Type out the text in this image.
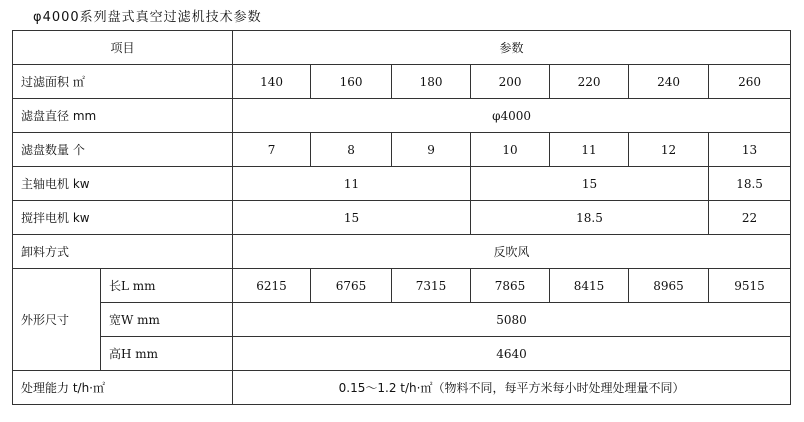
φ4000系列盘式真空过滤机技术参数
项目		参数						
过滤面积 ㎡		140	160	180	200	220	240	260
滤盘直径 mm		φ4000						
滤盘数量 个		7	8	9	10	11	12	13
主轴电机 kw		11			15			18.5
搅拌电机 kw		15			18.5			22
卸料方式		反吹风						
外形尺寸	长L mm	6215	6765	7315	7865	8415	8965	9515
	宽W mm	5080						
	高H mm	4640						
处理能力 t/h·㎡		0.15～1.2 t/h·㎡（物料不同，每平方米每小时处理处理量不同）						
